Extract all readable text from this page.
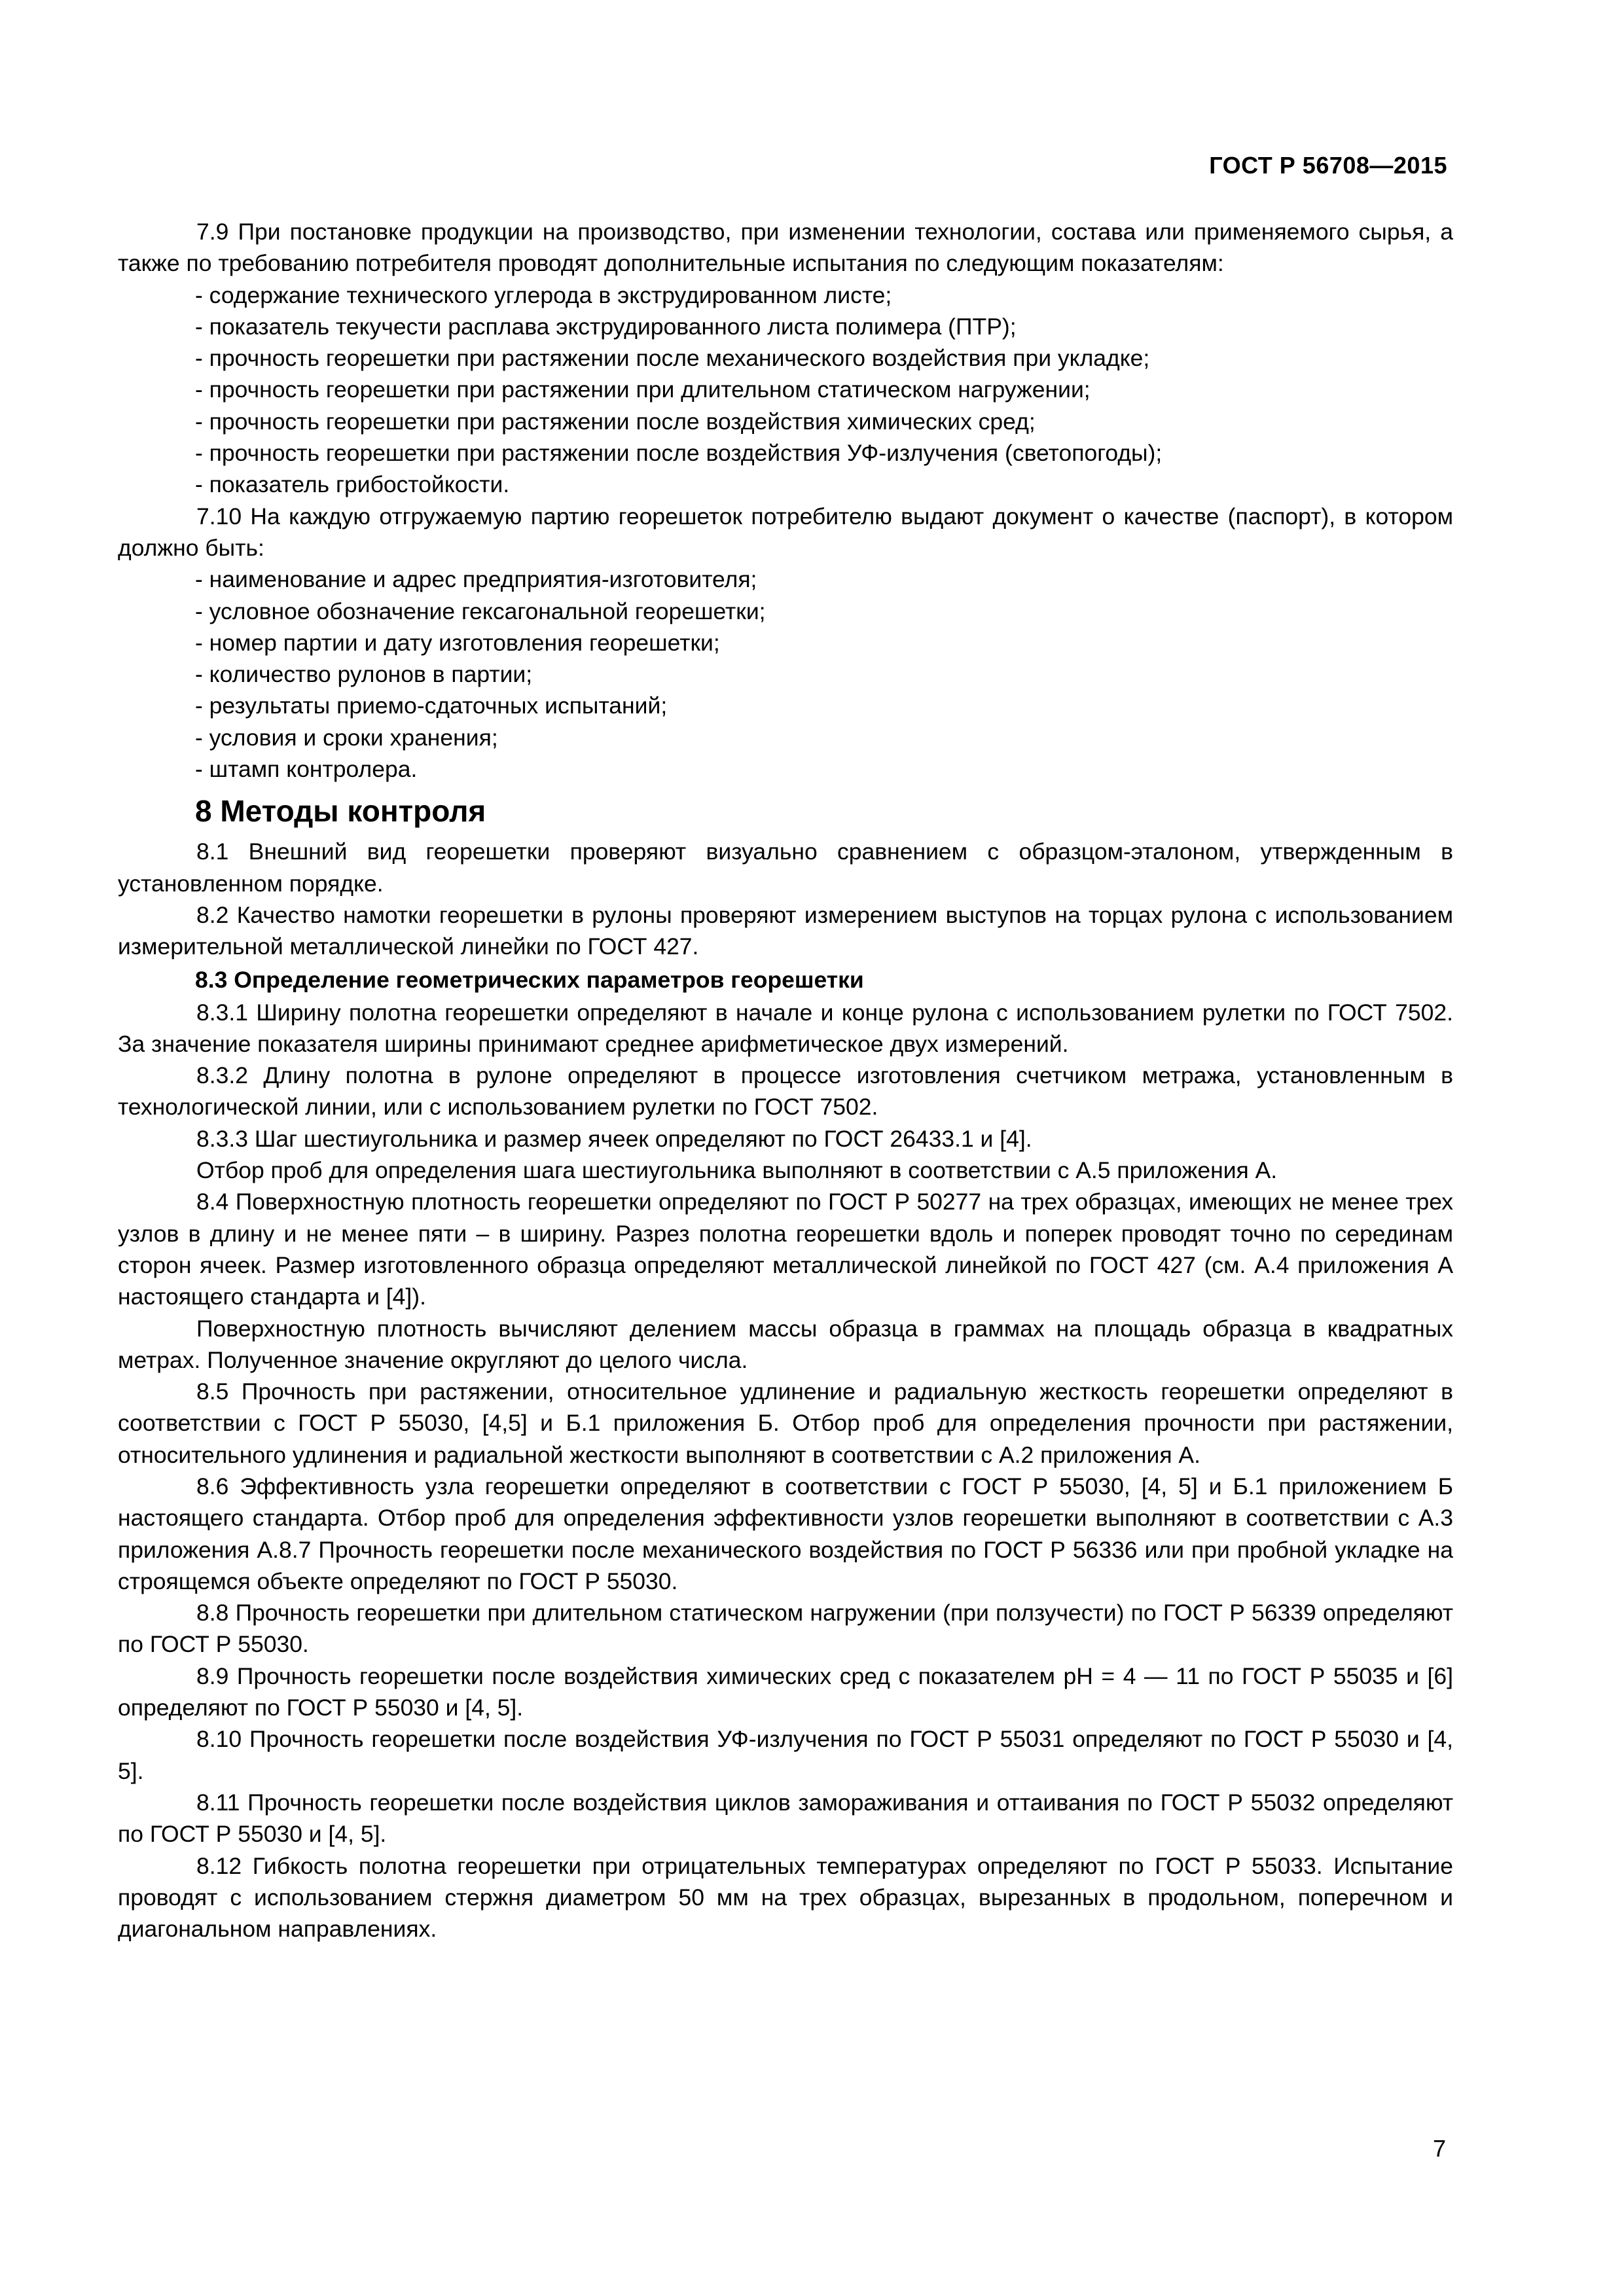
ГОСТ Р 56708—2015

7.9 При постановке продукции на производство, при изменении технологии, состава или применяемого сырья, а также по требованию потребителя проводят дополнительные испытания по следующим показателям:

- содержание технического углерода в экструдированном листе;

- показатель текучести расплава экструдированного листа полимера (ПТР);

- прочность георешетки при растяжении после механического воздействия при укладке;

- прочность георешетки при растяжении при длительном статическом нагружении;

- прочность георешетки при растяжении после воздействия химических сред;

- прочность георешетки при растяжении после воздействия УФ-излучения (светопогоды);

- показатель грибостойкости.

7.10 На каждую отгружаемую партию георешеток потребителю выдают документ о качестве (паспорт), в котором должно быть:

- наименование и адрес предприятия-изготовителя;

- условное обозначение гексагональной георешетки;

- номер партии и дату изготовления георешетки;

- количество рулонов в партии;

- результаты приемо-сдаточных испытаний;

- условия и сроки хранения;

- штамп контролера.

8 Методы контроля

8.1 Внешний вид георешетки проверяют визуально сравнением с образцом-эталоном, утвержденным в установленном порядке.

8.2 Качество намотки георешетки в рулоны проверяют измерением выступов на торцах рулона с использованием измерительной металлической линейки по ГОСТ 427.

8.3 Определение геометрических параметров георешетки

8.3.1 Ширину полотна георешетки определяют в начале и конце рулона с использованием рулетки по ГОСТ 7502. За значение показателя ширины принимают среднее арифметическое двух измерений.

8.3.2 Длину полотна в рулоне определяют в процессе изготовления счетчиком метража, установленным в технологической линии, или с использованием рулетки по ГОСТ 7502.

8.3.3 Шаг шестиугольника и размер ячеек определяют по ГОСТ 26433.1 и [4].

Отбор проб для определения шага шестиугольника выполняют в соответствии с А.5 приложения А.

8.4 Поверхностную плотность георешетки определяют по ГОСТ Р 50277 на трех образцах, имеющих не менее трех узлов в длину и не менее пяти – в ширину. Разрез полотна георешетки вдоль и поперек проводят точно по серединам сторон ячеек. Размер изготовленного образца определяют металлической линейкой по ГОСТ 427 (см. А.4 приложения А настоящего стандарта и [4]).

Поверхностную плотность вычисляют делением массы образца в граммах на площадь образца в квадратных метрах. Полученное значение округляют до целого числа.

8.5 Прочность при растяжении, относительное удлинение и радиальную жесткость георешетки определяют в соответствии с ГОСТ Р 55030, [4,5] и Б.1 приложения Б. Отбор проб для определения прочности при растяжении, относительного удлинения и радиальной жесткости выполняют в соответствии с А.2 приложения А.

8.6 Эффективность узла георешетки определяют в соответствии с ГОСТ Р 55030, [4, 5] и Б.1 приложением Б настоящего стандарта. Отбор проб для определения эффективности узлов георешетки выполняют в соответствии с А.3 приложения А.8.7 Прочность георешетки после механического воздействия по ГОСТ Р 56336 или при пробной укладке на строящемся объекте определяют по ГОСТ Р 55030.

8.8 Прочность георешетки при длительном статическом нагружении (при ползучести) по ГОСТ Р 56339 определяют по ГОСТ Р 55030.

8.9 Прочность георешетки после воздействия химических сред с показателем pH = 4 — 11 по ГОСТ Р 55035 и [6] определяют по ГОСТ Р 55030 и [4, 5].

8.10 Прочность георешетки после воздействия УФ-излучения по ГОСТ Р 55031 определяют по ГОСТ Р 55030 и [4, 5].

8.11 Прочность георешетки после воздействия циклов замораживания и оттаивания по ГОСТ Р 55032 определяют по ГОСТ Р 55030 и [4, 5].

8.12 Гибкость полотна георешетки при отрицательных температурах определяют по ГОСТ Р 55033. Испытание проводят с использованием стержня диаметром 50 мм на трех образцах, вырезанных в продольном, поперечном и диагональном направлениях.

7
